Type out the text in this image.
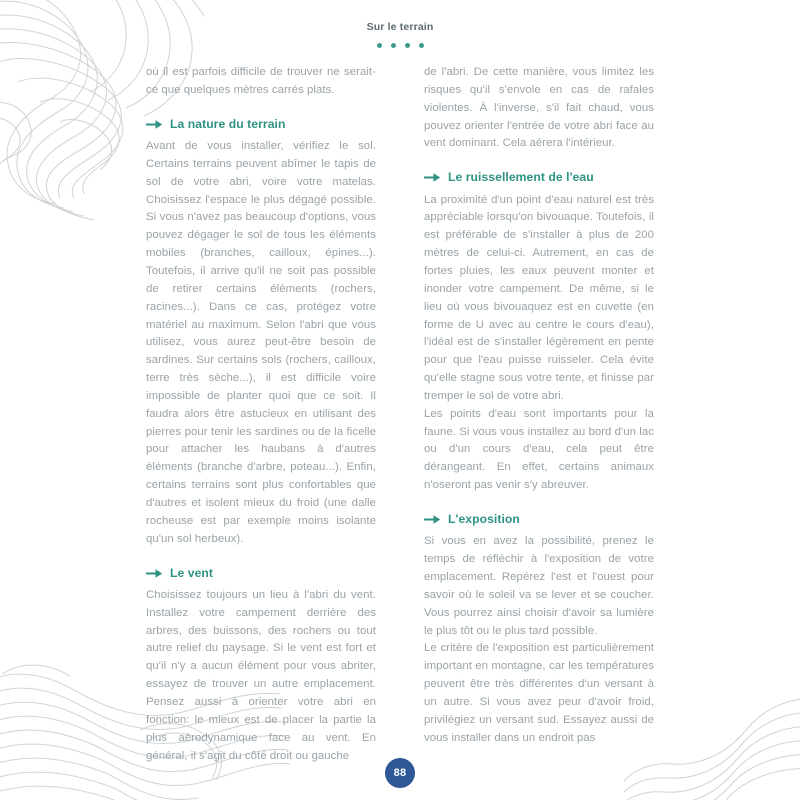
Sur le terrain

où il est parfois difficile de trouver ne serait-ce que quelques mètres carrés plats.

La nature du terrain

Avant de vous installer, vérifiez le sol. Certains terrains peuvent abîmer le tapis de sol de votre abri, voire votre matelas. Choisissez l'espace le plus dégagé possible. Si vous n'avez pas beaucoup d'options, vous pouvez dégager le sol de tous les éléments mobiles (branches, cailloux, épines...). Toutefois, il arrive qu'il ne soit pas possible de retirer certains éléments (rochers, racines...). Dans ce cas, protégez votre matériel au maximum. Selon l'abri que vous utilisez, vous aurez peut-être besoin de sardines. Sur certains sols (rochers, cailloux, terre très sèche...), il est difficile voire impossible de planter quoi que ce soit. Il faudra alors être astucieux en utilisant des pierres pour tenir les sardines ou de la ficelle pour attacher les haubans à d'autres éléments (branche d'arbre, poteau...). Enfin, certains terrains sont plus confortables que d'autres et isolent mieux du froid (une dalle rocheuse est par exemple moins isolante qu'un sol herbeux).

Le vent

Choisissez toujours un lieu à l'abri du vent. Installez votre campement derrière des arbres, des buissons, des rochers ou tout autre relief du paysage. Si le vent est fort et qu'il n'y a aucun élément pour vous abriter, essayez de trouver un autre emplacement. Pensez aussi à orienter votre abri en fonction: le mieux est de placer la partie la plus aérodynamique face au vent. En général, il s'agit du côté droit ou gauche

de l'abri. De cette manière, vous limitez les risques qu'il s'envole en cas de rafales violentes. À l'inverse, s'il fait chaud, vous pouvez orienter l'entrée de votre abri face au vent dominant. Cela aérera l'intérieur.

Le ruissellement de l'eau

La proximité d'un point d'eau naturel est très appréciable lorsqu'on bivouaque. Toutefois, il est préférable de s'installer à plus de 200 mètres de celui-ci. Autrement, en cas de fortes pluies, les eaux peuvent monter et inonder votre campement. De même, si le lieu où vous bivouaquez est en cuvette (en forme de U avec au centre le cours d'eau), l'idéal est de s'installer légèrement en pente pour que l'eau puisse ruisseler. Cela évite qu'elle stagne sous votre tente, et finisse par tremper le sol de votre abri.

Les points d'eau sont importants pour la faune. Si vous vous installez au bord d'un lac ou d'un cours d'eau, cela peut être dérangeant. En effet, certains animaux n'oseront pas venir s'y abreuver.

L'exposition

Si vous en avez la possibilité, prenez le temps de réfléchir à l'exposition de votre emplacement. Repérez l'est et l'ouest pour savoir où le soleil va se lever et se coucher. Vous pourrez ainsi choisir d'avoir sa lumière le plus tôt ou le plus tard possible.

Le critère de l'exposition est particulièrement important en montagne, car les températures peuvent être très différentes d'un versant à un autre. Si vous avez peur d'avoir froid, privilégiez un versant sud. Essayez aussi de vous installer dans un endroit pas

88
